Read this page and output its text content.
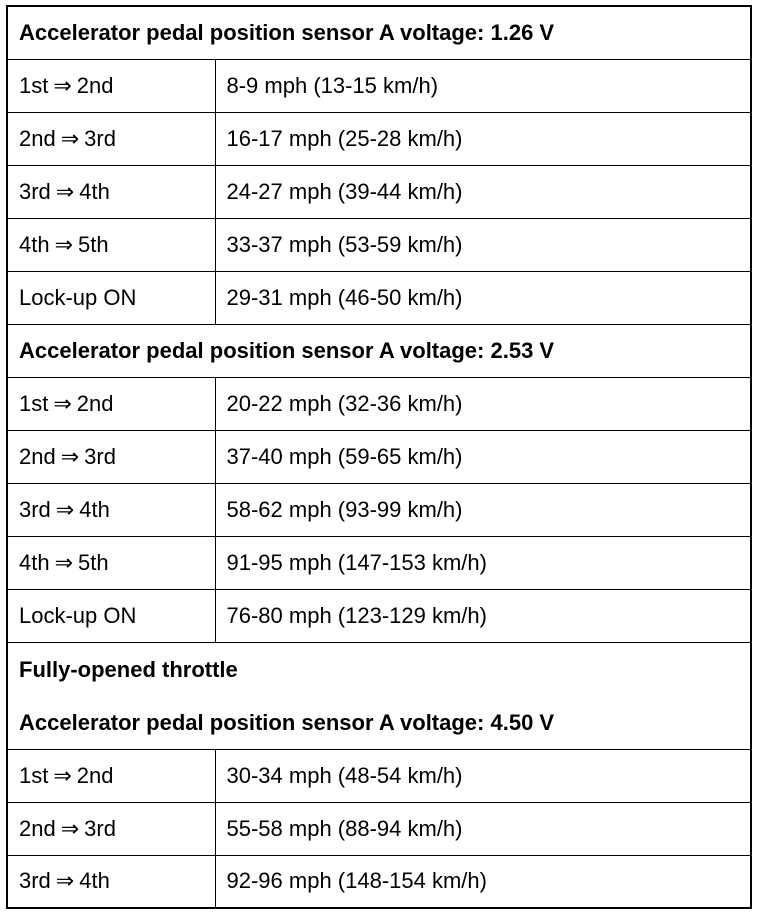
Accelerator pedal position sensor A voltage: 1.26 V	
1st ⇒ 2nd	8-9 mph (13-15 km/h)
2nd ⇒ 3rd	16-17 mph (25-28 km/h)
3rd ⇒ 4th	24-27 mph (39-44 km/h)
4th ⇒ 5th	33-37 mph (53-59 km/h)
Lock-up ON	29-31 mph (46-50 km/h)
Accelerator pedal position sensor A voltage: 2.53 V	
1st ⇒ 2nd	20-22 mph (32-36 km/h)
2nd ⇒ 3rd	37-40 mph (59-65 km/h)
3rd ⇒ 4th	58-62 mph (93-99 km/h)
4th ⇒ 5th	91-95 mph (147-153 km/h)
Lock-up ON	76-80 mph (123-129 km/h)

Fully-opened throttle
Accelerator pedal position sensor A voltage: 4.50 V	

1st ⇒ 2nd	30-34 mph (48-54 km/h)
2nd ⇒ 3rd	55-58 mph (88-94 km/h)
3rd ⇒ 4th	92-96 mph (148-154 km/h)
